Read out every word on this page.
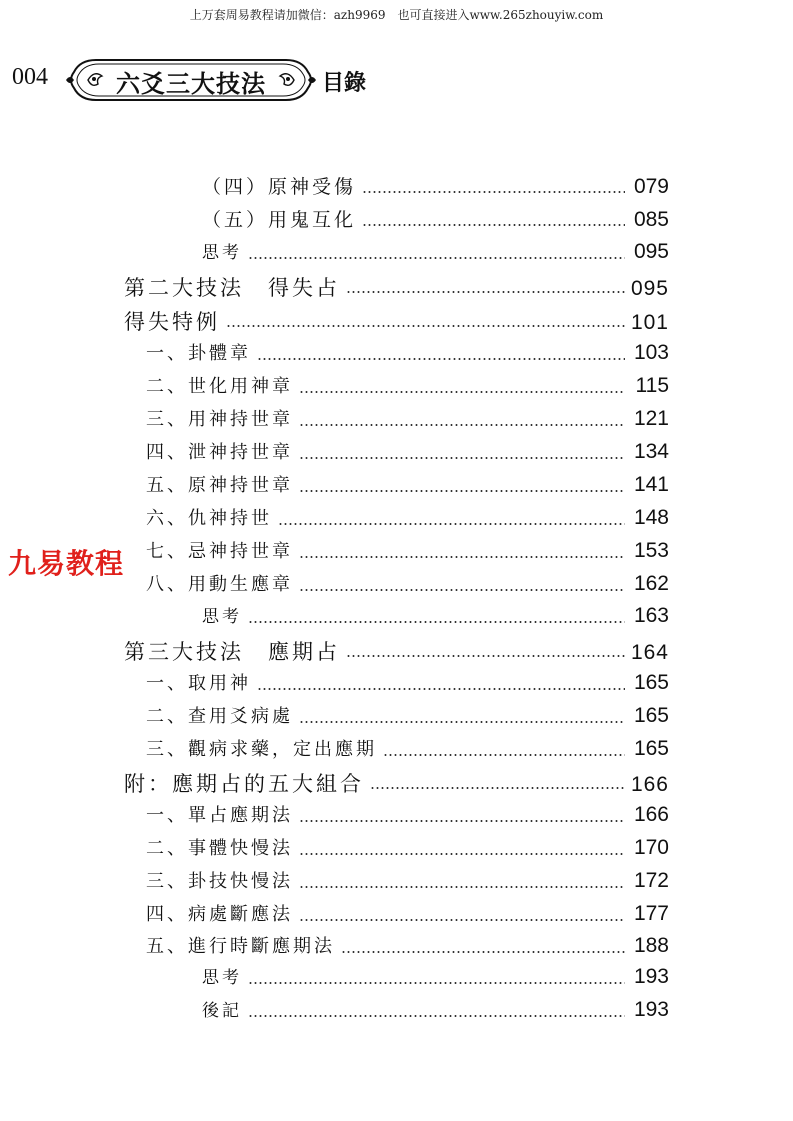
上万套周易教程请加微信：azh9969　也可直接进入www.265zhouyiw.com
004	六爻三大技法	目錄
九易教程
（四）原神受傷	079
（五）用鬼互化	085
思考	095
第二大技法　得失占	095
得失特例	101
一、卦體章	103
二、世化用神章	115
三、用神持世章	121
四、泄神持世章	134
五、原神持世章	141
六、仇神持世	148
七、忌神持世章	153
八、用動生應章	162
思考	163
第三大技法　應期占	164
一、取用神	165
二、查用爻病處	165
三、觀病求藥，定出應期	165
附：應期占的五大組合	166
一、單占應期法	166
二、事體快慢法	170
三、卦技快慢法	172
四、病處斷應法	177
五、進行時斷應期法	188
思考	193
後記	193
